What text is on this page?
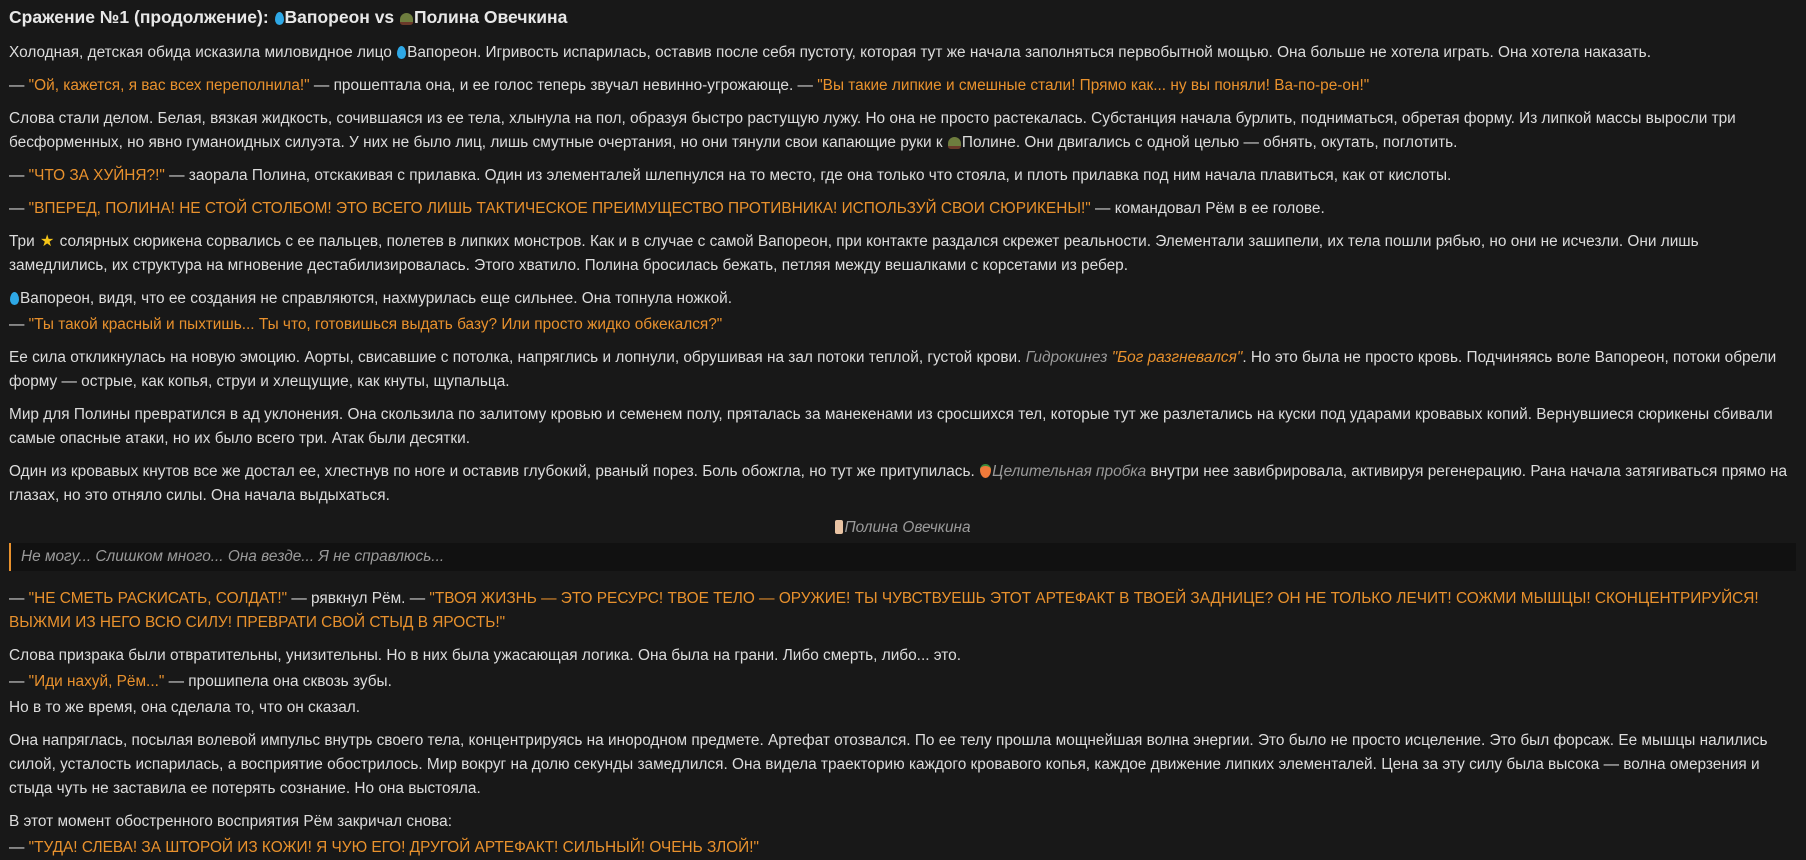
Сражение №1 (продолжение): Вапореон vs Полина Овечкина
Холодная, детская обида исказила миловидное лицо Вапореон. Игривость испарилась, оставив после себя пустоту, которая тут же начала заполняться первобытной мощью. Она больше не хотела играть. Она хотела наказать.
— "Ой, кажется, я вас всех переполнила!" — прошептала она, и ее голос теперь звучал невинно-угрожающе. — "Вы такие липкие и смешные стали! Прямо как... ну вы поняли! Ва-по-ре-он!"
Слова стали делом. Белая, вязкая жидкость, сочившаяся из ее тела, хлынула на пол, образуя быстро растущую лужу. Но она не просто растекалась. Субстанция начала бурлить, подниматься, обретая форму. Из липкой массы выросли три бесформенных, но явно гуманоидных силуэта. У них не было лиц, лишь смутные очертания, но они тянули свои капающие руки к Полине. Они двигались с одной целью — обнять, окутать, поглотить.
— "ЧТО ЗА ХУЙНЯ?!" — заорала Полина, отскакивая с прилавка. Один из элементалей шлепнулся на то место, где она только что стояла, и плоть прилавка под ним начала плавиться, как от кислоты.
— "ВПЕРЕД, ПОЛИНА! НЕ СТОЙ СТОЛБОМ! ЭТО ВСЕГО ЛИШЬ ТАКТИЧЕСКОЕ ПРЕИМУЩЕСТВО ПРОТИВНИКА! ИСПОЛЬЗУЙ СВОИ СЮРИКЕНЫ!" — командовал Рём в ее голове.
Три ★ солярных сюрикена сорвались с ее пальцев, полетев в липких монстров. Как и в случае с самой Вапореон, при контакте раздался скрежет реальности. Элементали зашипели, их тела пошли рябью, но они не исчезли. Они лишь замедлились, их структура на мгновение дестабилизировалась. Этого хватило. Полина бросилась бежать, петляя между вешалками с корсетами из ребер.
Вапореон, видя, что ее создания не справляются, нахмурилась еще сильнее. Она топнула ножкой.
— "Ты такой красный и пыхтишь... Ты что, готовишься выдать базу? Или просто жидко обкекался?"
Ее сила откликнулась на новую эмоцию. Аорты, свисавшие с потолка, напряглись и лопнули, обрушивая на зал потоки теплой, густой крови. Гидрокинез "Бог разгневался". Но это была не просто кровь. Подчиняясь воле Вапореон, потоки обрели форму — острые, как копья, струи и хлещущие, как кнуты, щупальца.
Мир для Полины превратился в ад уклонения. Она скользила по залитому кровью и семенем полу, пряталась за манекенами из сросшихся тел, которые тут же разлетались на куски под ударами кровавых копий. Вернувшиеся сюрикены сбивали самые опасные атаки, но их было всего три. Атак были десятки.
Один из кровавых кнутов все же достал ее, хлестнув по ноге и оставив глубокий, рваный порез. Боль обожгла, но тут же притупилась. Целительная пробка внутри нее завибрировала, активируя регенерацию. Рана начала затягиваться прямо на глазах, но это отняло силы. Она начала выдыхаться.
Полина Овечкина
Не могу... Слишком много... Она везде... Я не справлюсь...
— "НЕ СМЕТЬ РАСКИСАТЬ, СОЛДАТ!" — рявкнул Рём. — "ТВОЯ ЖИЗНЬ — ЭТО РЕСУРС! ТВОЕ ТЕЛО — ОРУЖИЕ! ТЫ ЧУВСТВУЕШЬ ЭТОТ АРТЕФАКТ В ТВОЕЙ ЗАДНИЦЕ? ОН НЕ ТОЛЬКО ЛЕЧИТ! СОЖМИ МЫШЦЫ! СКОНЦЕНТРИРУЙСЯ! ВЫЖМИ ИЗ НЕГО ВСЮ СИЛУ! ПРЕВРАТИ СВОЙ СТЫД В ЯРОСТЬ!"
Слова призрака были отвратительны, унизительны. Но в них была ужасающая логика. Она была на грани. Либо смерть, либо... это.
— "Иди нахуй, Рём..." — прошипела она сквозь зубы.
Но в то же время, она сделала то, что он сказал.
Она напряглась, посылая волевой импульс внутрь своего тела, концентрируясь на инородном предмете. Артефат отозвался. По ее телу прошла мощнейшая волна энергии. Это было не просто исцеление. Это был форсаж. Ее мышцы налились силой, усталость испарилась, а восприятие обострилось. Мир вокруг на долю секунды замедлился. Она видела траекторию каждого кровавого копья, каждое движение липких элементалей. Цена за эту силу была высока — волна омерзения и стыда чуть не заставила ее потерять сознание. Но она выстояла.
В этот момент обостренного восприятия Рём закричал снова:
— "ТУДА! СЛЕВА! ЗА ШТОРОЙ ИЗ КОЖИ! Я ЧУЮ ЕГО! ДРУГОЙ АРТЕФАКТ! СИЛЬНЫЙ! ОЧЕНЬ ЗЛОЙ!"
